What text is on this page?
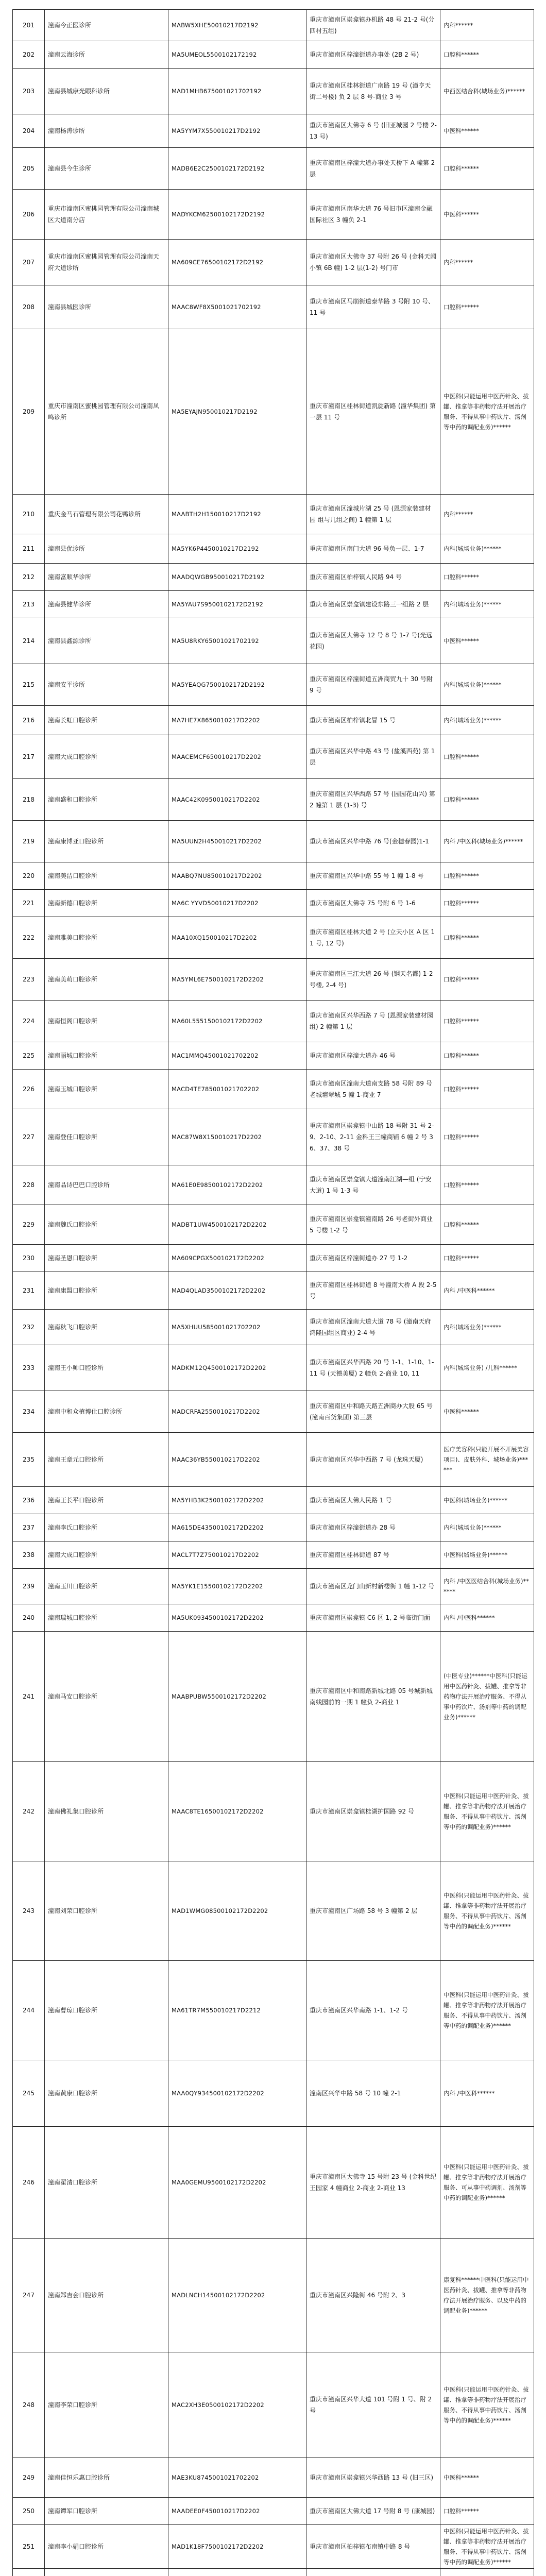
201	潼南今正医诊所	MABW5XHE50010217D2192	重庆市潼南区崇龛镇办机路 48 号 21-2 号(分四村五组)	内科******
202	潼南云海诊所	MA5UMEOL5500102172192	重庆市潼南区梓潼街道办事处 (2B 2 号)	口腔科******
203	潼南县城康光眼科诊所	MAD1MHB675001021702192	重庆市潼南区桂林街道广南路 19 号 (潼亨天街二号楼) 负 2 层 8 号-商业 3 号	中西医结合科(城场业务)******
204	潼南杨涛诊所	MA5YYM7X550010217D2192	重庆市潼南区大佛寺 6 号 (旧亚城园 2 号楼 2-13 号)	中医科******
205	潼南县今生诊所	MADB6E2C2500102172D2192	重庆市潼南区梓潼大道办事处天桥下 A 幢第 2 层	口腔科******
206	重庆市潼南区蜜桃园管理有限公司潼南城区大道南分店	MADYKCM62500102172D2192	重庆市潼南区南华大道 76 号旧市区潼南金融国际社区 3 幢负 2-1	中医科******
207	重庆市潼南区蜜桃园管理有限公司潼南天府大道诊所	MA609CE76500102172D2192	重庆市潼南区大佛寺 37 号附 26 号 (金科天阔小镇 6B 幢) 1-2 层(1-2) 号门市	内科******
208	潼南县城医诊所	MAAC8WF8X5001021702192	重庆市潼南区马崩街道泰华路 3 号附 10 号、11 号	口腔科******
209	重庆市潼南区蜜桃园管理有限公司潼南凤鸣诊所	MA5EYAJN950010217D2192	重庆市潼南区桂林街道凯旋新路 (潼华集团) 第一层 11 号	中医科(只能运用中医药针灸、拔罐、推拿等非药物疗法开展治疗服务、不得从事中药饮片、汤剂等中药的调配业务)******
210	重庆金马石管理有限公司花鸭诊所	MAABTH2H150010217D2192	重庆市潼南区潼城片湖 25 号 (恩源家装建材园 组与几组之间) 1 幢第 1 层	内科******
211	潼南县优诊所	MA5YK6P4450010217D2192	重庆市潼南区南门大道 96 号负一层、1-7	内科(城场业务)******
212	潼南富顺华诊所	MAADQWGB950010217D2192	重庆市潼南区柏梓镇人民路 94 号	口腔科******
213	潼南县健华诊所	MA5YAU7S9500102172D2192	重庆市潼南区崇龛镇建设东路三一组路 2 层	内科(城场业务)******
214	潼南县鑫源诊所	MA5U8RKY65001021702192	重庆市潼南区大佛寺 12 号 8 号 1-7 号(光远花园)	中医科******
215	潼南安平诊所	MA5YEAQG7500102172D2192	重庆市潼南区梓潼街道五洲商贸九十 30 号附 9 号	内科(城场业务)******
216	潼南长虹口腔诊所	MA7HE7X8650010217D2202	重庆市潼南区柏梓镇北冒 15 号	内科(城场业务)******
217	潼南大成口腔诊所	MAACEMCF650010217D2202	重庆市潼南区兴华中路 43 号 (盐溪西苑) 第 1 层	口腔科******
218	潼南盛和口腔诊所	MAAC42K0950010217D2202	重庆市潼南区兴华西路 57 号 (园园花山兴) 第 2 幢第 1 层 (1-3) 号	口腔科******
219	潼南康博亚口腔诊所	MA5UUN2H450010217D2202	重庆市潼南区兴华中路 76 号(金穗春园)1-1	内科 /中医科(城场业务)******
220	潼南美洁口腔诊所	MAABQ7NU850010217D2202	重庆市潼南区兴华中路 55 号 1 幢 1-8 号	口腔科******
221	潼南新德口腔诊所	MA6C YYVD50010217D2202	重庆市潼南区大佛寺 75 号附 6 号 1-6	口腔科******
222	潼南雅美口腔诊所	MAA10XQ150010217D2202	重庆市潼南区桂林大道 2 号 (立天小区 A 区 11 号, 12 号)	口腔科******
223	潼南美萌口腔诊所	MA5YML6E7500102172D2202	重庆市潼南区三江大道 26 号 (钢天名都) 1-2 号楼, 2-4 号)	口腔科******
224	潼南恒阁口腔诊所	MA60L5551500102172D2202	重庆市潼南区兴华西路 7 号 (恩源家装建材园组) 2 幢第 1 层	口腔科******
225	潼南丽城口腔诊所	MAC1MMQ45001021702202	重庆市潼南区梓潼大道办 46 号	口腔科******
226	潼南玉城口腔诊所	MACD4TE785001021702202	重庆市潼南区潼南大道南支路 58 号附 89 号老城塘翠城 5 幢 1-商业 7	口腔科******
227	潼南登佳口腔诊所	MAC87W8X150010217D2202	重庆市潼南区崇龛镇中山路 18 号附 31 号 2-9、2-10、2-11 金科王三幢商铺 6 幢 2 号 36、37、38 号	口腔科******
228	潼南品诗巴巴口腔诊所	MA61E0E98500102172D2202	重庆市潼南区崇龛镇大道潼南江湖—组 (宁安大道) 1 号 1-3 号	口腔科******
229	潼南魏氏口腔诊所	MADBT1UW4500102172D2202	重庆市潼南区崇龛镇潼南路 26 号老街外商业 5 号楼 1-2 号	口腔科******
230	潼南圣恩口腔诊所	MA609CPGX500102172D2202	重庆市潼南区梓潼街道办 27 号 1-2	口腔科******
231	潼南康盟口腔诊所	MAD4QLAD3500102172D2202	重庆市潼南区桂林街道 8 号潼南大桥 A 段 2-5 号	内科 /中医科******
232	潼南秋飞口腔诊所	MA5XHUU585001021702202	重庆市潼南区潼南大道大道 78 号 (潼南天府鸿隆园组区商业) 2-4 号	内科(城场业务)******
233	潼南王小帅口腔诊所	MADKM12Q4500102172D2202	重庆市潼南区兴华西路 20 号 1-1、1-10、1-11 号 (天德美厦) 2 幢负 2-商业 10, 11	内科(城场业务) /儿科******
234	潼南中和众植博仕口腔诊所	MADCRFA2550010217D2202	重庆市潼南区中和路天路五洲商办大股 65 号 (潼南百货集团) 第三层	中医科******
235	潼南王章元口腔诊所	MAAC36YB550010217D2202	重庆市潼南区兴华中西路 7 号 (龙珠天厦)	医疗美容科(只能开展不开展美容项目)、皮肤外科、城场业务)******
236	潼南王长平口腔诊所	MA5YHB3K2500102172D2202	重庆市潼南区大佛人民路 1 号	中医科(城场业务)******
237	潼南李氏口腔诊所	MA615DE43500102172D2202	重庆市潼南区梓潼街道办 28 号	内科(城场业务)******
238	潼南大成口腔诊所	MACL7T7Z750010217D2202	重庆市潼南区桂林街道 87 号	中医科(城场业务)******
239	潼南玉川口腔诊所	MA5YK1E15500102172D2202	重庆市潼南区龙门山新村新楼街 1 幢 1-12 号	内科 /中医医结合科(城场业务)******
240	潼南瑞城口腔诊所	MA5UK0934500102172D2202	重庆市潼南区崇龛镇 C6 区 1, 2 号临街门面	内科 /中医科******
241	潼南马安口腔诊所	MAABPUBW5500102172D2202	重庆市潼南区中和南路新城北路 05 号城新城南线园前的一期 1 幢负 2-商业 1	(中医专业)******中医科(只能运用中医药针灸、拔罐、推拿等非药物疗法开展治疗服务、不得从事中药饮片、汤剂等中药的调配业务)******
242	潼南佛礼集口腔诊所	MAAC8TE16500102172D2202	重庆市潼南区崇龛镇桂湖护国路 92 号	中医科(只能运用中医药针灸、拔罐、推拿等非药物疗法开展治疗服务、不得从事中药饮片、汤剂等中药的调配业务)******
243	潼南刘荣口腔诊所	MAD1WMG08500102172D2202	重庆市潼南区广场路 58 号 3 幢第 2 层	中医科(只能运用中医药针灸、拔罐、推拿等非药物疗法开展治疗服务、不得从事中药饮片、汤剂等中药的调配业务)******
244	潼南曹琼口腔诊所	MA61TR7M550010217D2212	重庆市潼南区兴华南路 1-1、1-2 号	中医科(只能运用中医药针灸、拔罐、推拿等非药物疗法开展治疗服务、不得从事中药饮片、汤剂等中药的调配业务)******
245	潼南黄康口腔诊所	MAA0QY934500102172D2202	潼南区兴华中路 58 号 10 幢 2-1	内科 /中医科******
246	潼南翟清口腔诊所	MAA0GEMU9500102172D2202	重庆市潼南区大佛寺 15 号附 23 号 (金科世纪王园家 4 幢商业 2-商业 2-商业 13	中医科(只能运用中医药针灸、拔罐、推拿等非药物疗法开展治疗服务、可从事中药调剂、汤剂等中药的调配业务)******
247	潼南郑吉会口腔诊所	MADLNCH14500102172D2202	重庆市潼南区兴隆街 46 号附 2、3	康复科******中医科(只能运用中医药针灸、拔罐、推拿等非药物疗法开展治疗服务、以及中药的调配业务)******
248	潼南李荣口腔诊所	MAC2XH3E0500102172D2202	重庆市潼南区兴华大道 101 号附 1 号、附 2 号	中医科(只能运用中医药针灸、拔罐、推拿等非药物疗法开展治疗服务、不得从事中药饮片、汤剂等中药的调配业务)******
249	潼南佳恒乐惠口腔诊所	MAE3KU8745001021702202	重庆市潼南区崇龛镇兴华西路 13 号 (旧三区)	中医科******
250	潼南谭军口腔诊所	MAADEE0F450010217D2202	重庆市潼南区大佛大道 17 号附 8 号 (康城园)	口腔科******
251	潼南李小娟口腔诊所	MAD1K18F7500102172D2202	重庆市潼南区柏梓镇布南镇中路 8 号	中医科(只能运用中医药针灸、拔罐、推拿等非药物疗法开展治疗服务、不得从事中药饮片、汤剂等中药的调配业务)******
